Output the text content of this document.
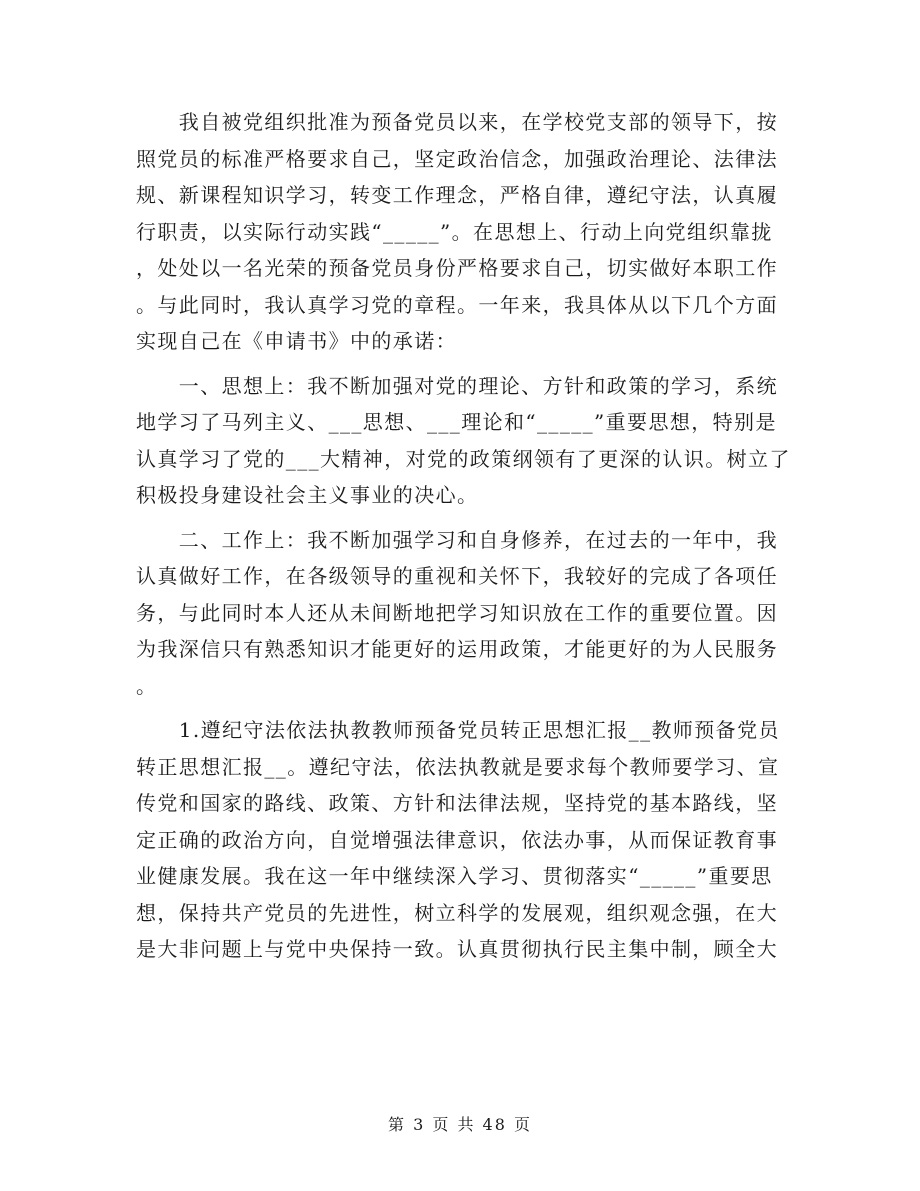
　　我自被党组织批准为预备党员以来，在学校党支部的领导下，按
照党员的标准严格要求自己，坚定政治信念，加强政治理论、法律法
规、新课程知识学习，转变工作理念，严格自律，遵纪守法，认真履
行职责，以实际行动实践“_____”。在思想上、行动上向党组织靠拢
，处处以一名光荣的预备党员身份严格要求自己，切实做好本职工作
。与此同时，我认真学习党的章程。一年来，我具体从以下几个方面
实现自己在《申请书》中的承诺：
　　一、思想上：我不断加强对党的理论、方针和政策的学习，系统
地学习了马列主义、___思想、___理论和“_____”重要思想，特别是
认真学习了党的___大精神，对党的政策纲领有了更深的认识。树立了
积极投身建设社会主义事业的决心。
　　二、工作上：我不断加强学习和自身修养，在过去的一年中，我
认真做好工作，在各级领导的重视和关怀下，我较好的完成了各项任
务，与此同时本人还从未间断地把学习知识放在工作的重要位置。因
为我深信只有熟悉知识才能更好的运用政策，才能更好的为人民服务
。
　　1.遵纪守法依法执教教师预备党员转正思想汇报__教师预备党员
转正思想汇报__。遵纪守法，依法执教就是要求每个教师要学习、宣
传党和国家的路线、政策、方针和法律法规，坚持党的基本路线，坚
定正确的政治方向，自觉增强法律意识，依法办事，从而保证教育事
业健康发展。我在这一年中继续深入学习、贯彻落实“_____”重要思
想，保持共产党员的先进性，树立科学的发展观，组织观念强，在大
是大非问题上与党中央保持一致。认真贯彻执行民主集中制，顾全大
第 3 页 共 48 页
